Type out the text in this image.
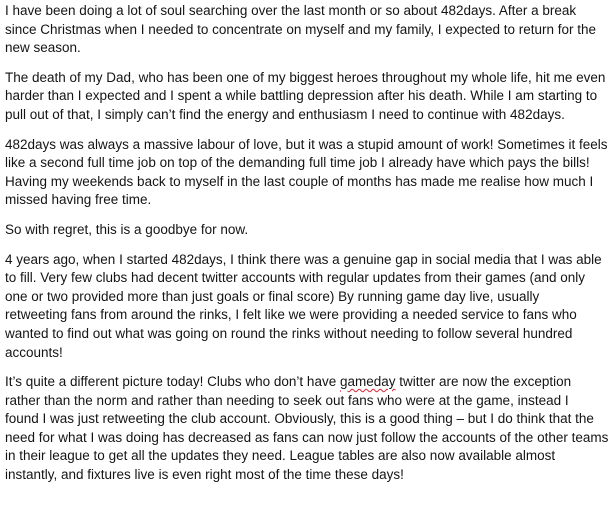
I have been doing a lot of soul searching over the last month or so about 482days. After a break
since Christmas when I needed to concentrate on myself and my family, I expected to return for the
new season.

The death of my Dad, who has been one of my biggest heroes throughout my whole life, hit me even
harder than I expected and I spent a while battling depression after his death. While I am starting to
pull out of that, I simply can’t find the energy and enthusiasm I need to continue with 482days.

482days was always a massive labour of love, but it was a stupid amount of work! Sometimes it feels
like a second full time job on top of the demanding full time job I already have which pays the bills!
Having my weekends back to myself in the last couple of months has made me realise how much I
missed having free time.

So with regret, this is a goodbye for now.

4 years ago, when I started 482days, I think there was a genuine gap in social media that I was able
to fill. Very few clubs had decent twitter accounts with regular updates from their games (and only
one or two provided more than just goals or final score) By running game day live, usually
retweeting fans from around the rinks, I felt like we were providing a needed service to fans who
wanted to find out what was going on round the rinks without needing to follow several hundred
accounts!

It’s quite a different picture today! Clubs who don’t have gameday twitter are now the exception
rather than the norm and rather than needing to seek out fans who were at the game, instead I
found I was just retweeting the club account. Obviously, this is a good thing – but I do think that the
need for what I was doing has decreased as fans can now just follow the accounts of the other teams
in their league to get all the updates they need. League tables are also now available almost
instantly, and fixtures live is even right most of the time these days!
